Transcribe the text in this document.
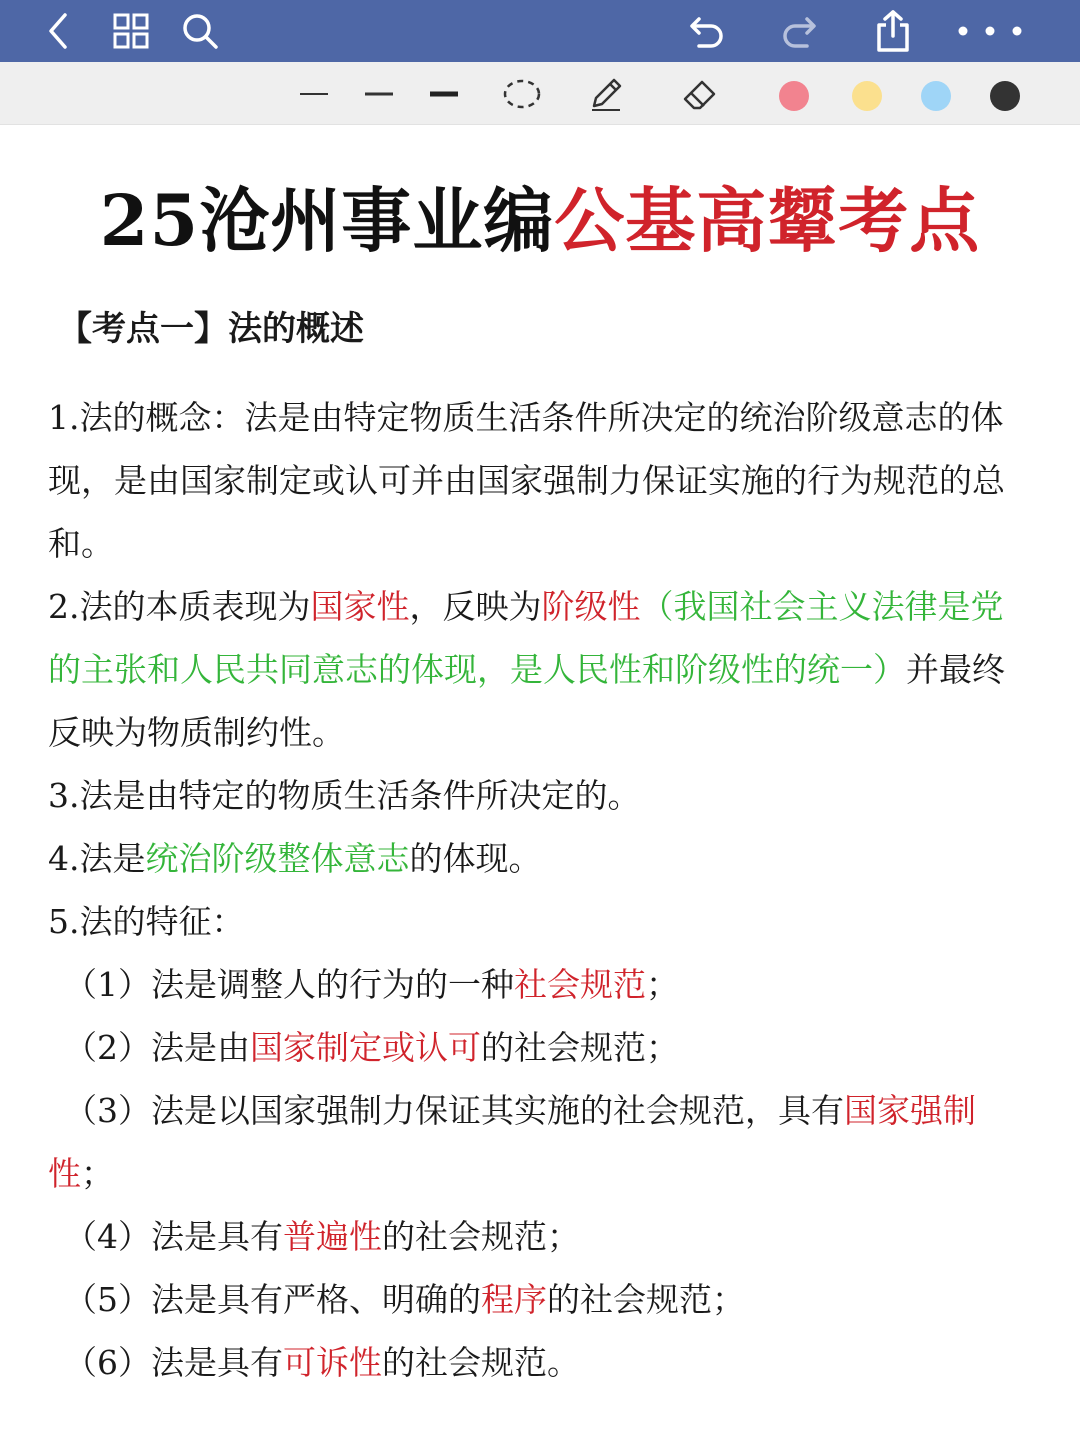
25沧州事业编公基高颦考点
【考点一】法的概述

1.法的概念：法是由特定物质生活条件所决定的统治阶级意志的体现，是由国家制定或认可并由国家强制力保证实施的行为规范的总和。

2.法的本质表现为国家性，反映为阶级性（我国社会主义法律是党的主张和人民共同意志的体现，是人民性和阶级性的统一）并最终反映为物质制约性。

3.法是由特定的物质生活条件所决定的。

4.法是统治阶级整体意志的体现。

5.法的特征：

（1）法是调整人的行为的一种社会规范；

（2）法是由国家制定或认可的社会规范；

（3）法是以国家强制力保证其实施的社会规范，具有国家强制性；

（4）法是具有普遍性的社会规范；

（5）法是具有严格、明确的程序的社会规范；

（6）法是具有可诉性的社会规范。
